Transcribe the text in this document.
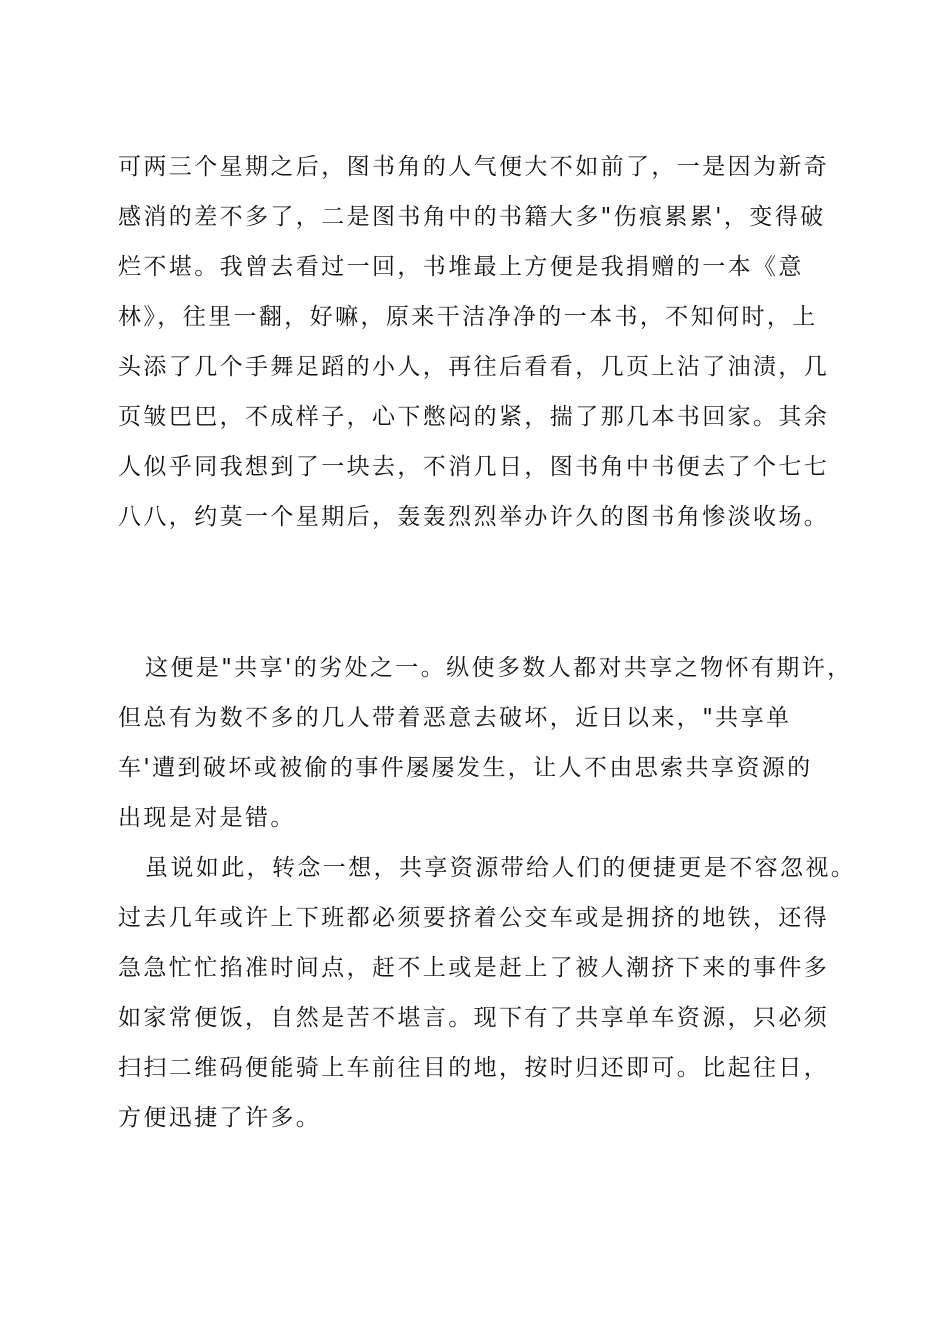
可两三个星期之后，图书角的人气便大不如前了，一是因为新奇
感消的差不多了，二是图书角中的书籍大多"伤痕累累'，变得破
烂不堪。我曾去看过一回，书堆最上方便是我捐赠的一本《意
林》，往里一翻，好嘛，原来干洁净净的一本书，不知何时，上
头添了几个手舞足蹈的小人，再往后看看，几页上沾了油渍，几
页皱巴巴，不成样子，心下憋闷的紧，揣了那几本书回家。其余
人似乎同我想到了一块去，不消几日，图书角中书便去了个七七
八八，约莫一个星期后，轰轰烈烈举办许久的图书角惨淡收场。
这便是"共享'的劣处之一。纵使多数人都对共享之物怀有期许，
但总有为数不多的几人带着恶意去破坏，近日以来，"共享单
车'遭到破坏或被偷的事件屡屡发生，让人不由思索共享资源的
出现是对是错。
虽说如此，转念一想，共享资源带给人们的便捷更是不容忽视。
过去几年或许上下班都必须要挤着公交车或是拥挤的地铁，还得
急急忙忙掐准时间点，赶不上或是赶上了被人潮挤下来的事件多
如家常便饭，自然是苦不堪言。现下有了共享单车资源，只必须
扫扫二维码便能骑上车前往目的地，按时归还即可。比起往日，
方便迅捷了许多。
